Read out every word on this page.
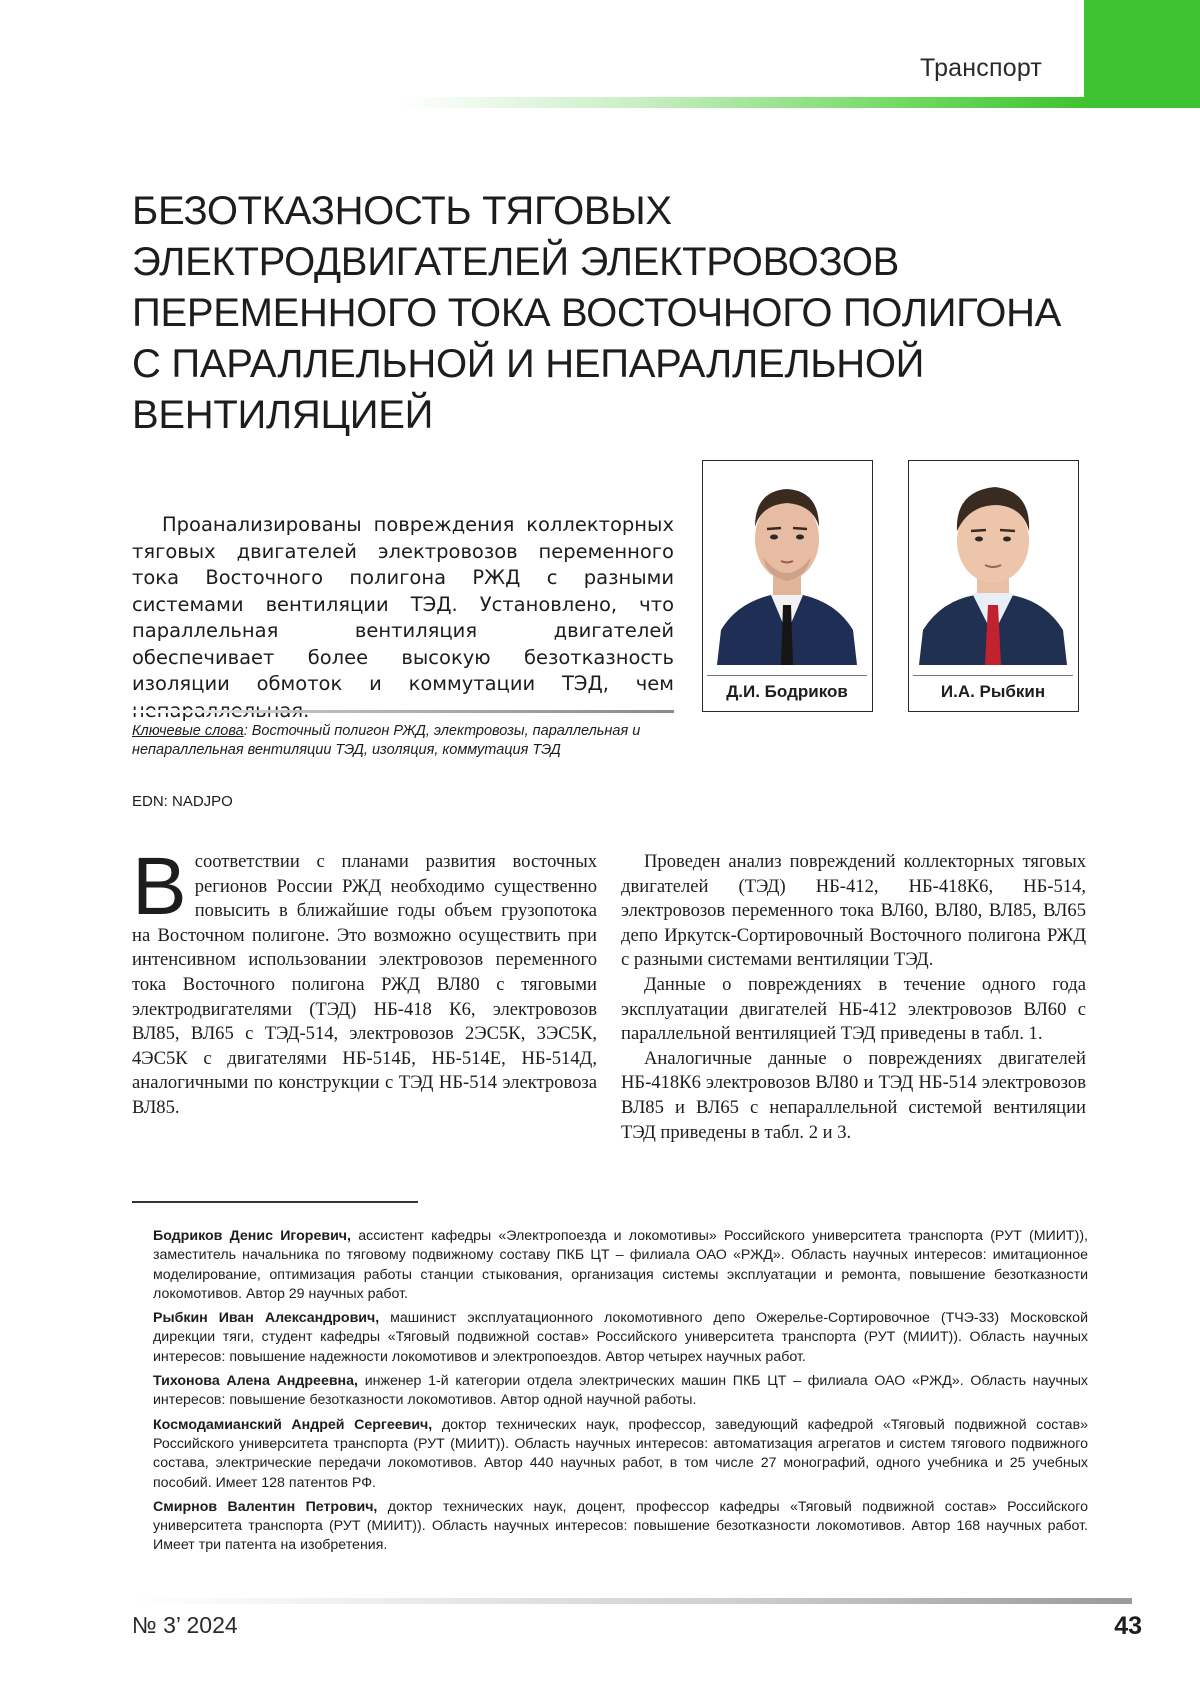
Транспорт
БЕЗОТКАЗНОСТЬ ТЯГОВЫХ ЭЛЕКТРОДВИГАТЕЛЕЙ ЭЛЕКТРОВОЗОВ ПЕРЕМЕННОГО ТОКА ВОСТОЧНОГО ПОЛИГОНА С ПАРАЛЛЕЛЬНОЙ И НЕПАРАЛЛЕЛЬНОЙ ВЕНТИЛЯЦИЕЙ

Проанализированы повреждения коллекторных тяговых двигателей электровозов переменного тока Восточного полигона РЖД с разными системами вентиляции ТЭД. Установлено, что параллельная вентиляция двигателей обеспечивает более высокую безотказность изоляции обмоток и коммутации ТЭД, чем

Ключевые слова: Восточный полигон РЖД, электровозы, параллельная и непараллельная вентиляции ТЭД, изоляция, коммутация ТЭД

EDN: NADJPO
Д.И. Бодриков	И.А. Рыбкин

В соответствии с планами развития восточных регионов России РЖД необходимо существенно повысить в ближайшие годы объем грузопотока на Восточном полигоне. Это возможно осуществить при интенсивном использовании электровозов переменного тока Восточного полигона РЖД ВЛ80 с тяговыми электродвигателями (ТЭД) НБ-418 К6, электровозов ВЛ85, ВЛ65 с ТЭД-514, электровозов 2ЭС5К, 3ЭС5К, 4ЭС5К с двигателями НБ-514Б, НБ-514Е, НБ-514Д, аналогичными по конструкции с ТЭД НБ-514 электровоза ВЛ85.

Проведен анализ повреждений коллекторных тяговых двигателей (ТЭД) НБ-412, НБ-418К6, НБ-514, электровозов переменного тока ВЛ60, ВЛ80, ВЛ85, ВЛ65 депо Иркутск-Сортировочный Восточного полигона РЖД с разными системами вентиляции ТЭД.

Данные о повреждениях в течение одного года эксплуатации двигателей НБ-412 электровозов ВЛ60 с параллельной вентиляцией ТЭД приведены в табл. 1.

Аналогичные данные о повреждениях двигателей НБ-418К6 электровозов ВЛ80 и ТЭД НБ-514 электровозов ВЛ85 и ВЛ65 с непараллельной системой вентиляции ТЭД приведены в табл. 2 и 3.

Бодриков Денис Игоревич, ассистент кафедры «Электропоезда и локомотивы» Российского университета транспорта (РУТ (МИИТ)), заместитель начальника по тяговому подвижному составу ПКБ ЦТ – филиала ОАО «РЖД». Область научных интересов: имитационное моделирование, оптимизация работы станции стыкования, организация системы эксплуатации и ремонта, повышение безотказности локомотивов. Автор 29 научных работ.

Рыбкин Иван Александрович, машинист эксплуатационного локомотивного депо Ожерелье-Сортировочное (ТЧЭ-33) Московской дирекции тяги, студент кафедры «Тяговый подвижной состав» Российского университета транспорта (РУТ (МИИТ)). Область научных интересов: повышение надежности локомотивов и электропоездов. Автор четырех научных работ.

Тихонова Алена Андреевна, инженер 1-й категории отдела электрических машин ПКБ ЦТ – филиала ОАО «РЖД». Область научных интересов: повышение безотказности локомотивов. Автор одной научной работы.

Космодамианский Андрей Сергеевич, доктор технических наук, профессор, заведующий кафедрой «Тяговый подвижной состав» Российского университета транспорта (РУТ (МИИТ)). Область научных интересов: автоматизация агрегатов и систем тягового подвижного состава, электрические передачи локомотивов. Автор 440 научных работ, в том числе 27 монографий, одного учебника и 25 учебных пособий. Имеет 128 патентов РФ.

Смирнов Валентин Петрович, доктор технических наук, доцент, профессор кафедры «Тяговый подвижной состав» Российского университета транспорта (РУТ (МИИТ)). Область научных интересов: повышение безотказности локомотивов. Автор 168 научных работ. Имеет три патента на изобретения.

№ 3’ 2024	43
